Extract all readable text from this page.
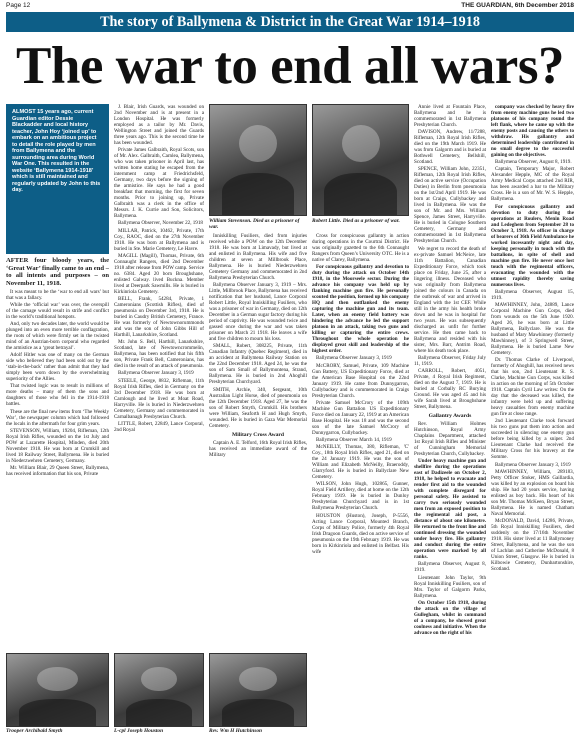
Page 12	THE GUARDIAN, 6th December 2018
The story of Ballymena & District in the Great War 1914–1918
The war to end all wars?
ALMOST 15 years ago, current Guardian editor Dessie Blackadder and local history teacher, John Hoy ‘joined up’ to embark on an ambitious project to detail the role played by men from Ballymena and the surrounding area during World War One. This resulted in the website ‘Ballymena 1914-1918’ which is still maintained and regularly updated by John to this day.

AFTER four bloody years, the ‘Great War’ finally came to an end – to all intents and purposes – on November 11, 1918.

It was meant to be the ‘war to end all wars’ but that was a fallacy.

While the ‘official war’ was over, the overspill of the carnage would result in strife and conflict in the world’s traditional hotspots.

And, only two decades later, the world would be plunged into an even more terrible conflagration, the roots of which were firmly set in the twisted mind of an Austrian-born corporal who regarded the armistice as a ‘great betrayal’.

Adolf Hitler was one of many on the German side who believed they had been sold out by the ‘stab-in-the-back’ rather than admit that they had simply been worn down by the overwhelming superiority of the Allies.

That twisted logic was to result in millions of more deaths – many of them the sons and daughters of those who fell in the 1914-1918 battles.

These are the final new items from ‘The Weekly War’, the newspaper column which had followed the locals in the aftermath for four grim years.

STEVENSON, William, 19204, Rifleman, 12th Royal Irish Rifles, wounded on the 1st July and POW at Lazarette Hospital, Minden, died 20th November 1918. He was born at Crumkill and lived 18 Railway Street, Ballymena. He is buried in Niederzwehren Cemetery, Germany.

Mr. William Blair, 29 Queen Street, Ballymena, has received information that his son, Private

Trooper Archibald Smyth

J. Blair, Irish Guards, was wounded on 2nd November and is at present in a London Hospital. He was formerly employed as a tailor by Mr. Davis, Wellington Street and joined the Guards three years ago. This is the second time he has been wounded.

Private James Galbraith, Royal Scots, son of Mr. Alex. Galbraith, Carnlea, Ballymena, who was taken prisoner in April last, has written home stating he escaped from the internment camp at Friedrichsfeld, Germany, two days before the signing of the armistice. He says he had a good breakfast that morning, the first for seven months. Prior to joining up, Private Galbraith was a clerk in the office of Messrs. J. K. Currie and Son, Solicitors, Ballymena.

Ballymena Observer, November 22, 1918

MILLAR, Patrick, 10462, Private, 17th Coy., RAOC, died on the 27th November 1918. He was born at Ballymena and is buried in Ste. Marie Cemetery, Le Havre.

MAGILL (Magill), Thomas, Private, 6th Connaught Rangers, died 2nd December 1918 after release from POW camp. Service no. 6384. Aged 20 born Broughshane, enlisted Galway. lived Buckna. Member lived at Deerpark Sawmills. He is buried in Kirkinriola Cemetery.

BELL, Frank, 54284, Private, 1 Cameronians (Scottish Rifles), died of pneumonia on December 3rd, 1918. He is buried in Caudry British Cemetery, France. He was formerly of Newtownorummonds and was the son of John Gibbs Hill of Harthill, Lanarkshire, Scotland.

Mr. John S. Bell, Harthill, Lanarkshire, Scotland, late of Newtowncrommelin, Ballymena, has been notified that his fifth son, Private Frank Bell, Cameronians, has died in the result of an attack of pneumonia.

Ballymena Observer January 3, 1919

STEELE, George, 8832, Rifleman, 11th Royal Irish Rifles, died in Germany on the 3rd December 1918. He was born at Carnlough and he lived at Moat Road, Harryville. He is buried in Niederzwehren Cemetery, Germany and commemorated in Carnalbanagh Presbyterian Church.

LITTLE, Robert, 22849, Lance Corporal, 2nd Royal

L-cpl Joseph Houston
William Stevenson. Died as a prisoner of war.
Robert Little. Died as a prisoner of war.

Inniskilling Fusiliers, died from injuries received while a POW on the 12th December 1918. He was born at Limavady, but lived at and enlisted in Ballymena. His wife and five children at seven at Millbrook Place, Ballymena. He is buried Niederzwehren Cemetery Germany and commemorated in 2nd Ballymena Presbyterian Church.

Ballymena Observer January 3, 1919 – Mrs. Little, Millbrook Place, Ballymena has received notification that her husband, Lance Corporal Robert Little, Royal Inniskilling Fusiliers, who was a prisoner of war in Germany, died on 12th December in a German sugar factory during his period of captivity. He was wounded twice and gassed once during the war and was taken prisoner on March 21 1918. He leaves a wife and five children to mourn his loss.

SMALL, Robert, 308225, Private, 11th Canadian Infantry (Quebec Regiment), died in an accident at Ballymena Railway Station on the 22nd December 1918. Aged 24, he was the son of Sam Small of Ballymontena, Strand, Ballymena. He is buried in 2nd Ahoghill Presbyterian Churchyard.

SMITH, Archie, 340, Sergeant, 10th Australian Light Horse, died of pneumonia on the 12th December 1918. Aged 27, he was the son of Robert Smyth, Cromkill. His brothers were William, Seaforth H and Hugh Smyth, wounded. He is buried in Gaza War Memorial Cemetery.

Military Cross Award

Captain A. E. Telford, 16th Royal Irish Rifles, has received an immediate award of the Military

Rev. Wm H Hutchinson

Cross for conspicuous gallantry in action during operations in the Courtrai District. He was originally gazetted to the 6th Connaught Rangers from Queen’s University OTC. He is a native of Clarey, Ballymena.

For conspicuous gallantry and devotion to duty during the attack on October 14th 1918, in the Moorseele sector. During the advance his company was held up by flanking machine gun fire. He personally scouted the position, formed up his company HQ and then outflanked the enemy capturing the machine gun and its team. Later, when an enemy field battery was hindering the advance he led the support platoon in an attack, taking two guns and killing or capturing the entire crews. Throughout the whole operation he displayed great skill and leadership of the highest order.

Ballymena Observer January 3, 1919

McCRORY, Samuel, Private, 109 Machine Gun Battery, US Expeditionary Force, died at the American Base Hospital on the 22nd January 1919. He came from Dunnygarron, Cullybackey and is commemorated in Craigs Presbyterian Church.

Private Samuel McCrory of the 109th Machine Gun Battalion US Expeditionary Force died on January 22, 1919 at an American Base Hospital. He was 18 and was the second son of the late Samuel McCrory of Dunnygarron, Cullybackey.

Ballymena Observer March 14, 1919

McNEILLY, Thomas, 380, Rifleman, 'C' Coy., 18th Royal Irish Rifles, aged 21, died on the 24 January 1919. He was the son of William and Elizabeth McNeilly, Braeroddy, Glarryford. He is buried in Ballyclare New Cemetery.

WILSON, John Hugh, 102865, Gunner, Royal Field Artillery, died at home on the 12th February 1919. He is buried in Dunloy Presbyterian Churchyard and is in 1st Ballymena Presbyterian Church.

HOUSTON (Huston), Joseph, P-5556, Acting Lance Corporal, Mounted Branch, Corps of Military Police, formerly 4th Royal Irish Dragoon Guards, died on active service of pneumonia on the 19th February 1919. He was born in Kirkinriola and enlisted in Belfast. His wife

Annie lived at Fountain Place, Ballymena and he is commemorated in 1st Ballymena Presbyterian Church.

DAVISON, Andrew, 11/7288, Rifleman, 12th Royal Irish Rifles, died on the 19th March 1919. He was from Galgorm and is buried at Bothwell Cemetery, Bellshill, Scotland.

SPENCE, William John, 22351, Rifleman, 12th Royal Irish Rifles, died on active service (Occupation Duties) in Berlin from pneumonia on the 1st/2nd April 1919. He was born at Craigs, Cullybackey and lived in Ballymena. He was the son of Mr. and Mrs. William Spence, James Street, Harryville. He is buried in Cologne Southern Cemetery, Germany and commemorated in 1st Ballymena Presbyterian Church.

We regret to record the death of ex-private Samuel McNeice, late 11th Battalion, Canadian Expeditionary Force, which took place on Friday, June 25, after a lingering illness. Deceased who was originally from Ballymena joined the colours in Canada on the outbreak of war and arrived in England with the 1st CEF. While still in the army his health broke down and he was in hospital for two years. He was subsequently discharged as unfit for further service. He then came back to Ballymena and resided with his sister, Mrs. Barr, Antrim Road, where his death took place.

Ballymena Observer, Friday July 11, 1919.

CARROLL, Robert, 4051, Private, 4 Royal Irish Regiment, died on the August 7, 1919. He is buried at Corbally RC Burying Ground. He was aged 45 and his wife Sarah lived at Broughshane Street, Ballymena.

Gallantry Awards

Rev. William Holmes Hutchinson, Royal Army Chaplains Department, attached 1st Royal Irish Rifles and Minister of Cunningham Memorial Presbyterian Church, Cullybackey.

Under heavy machine gun and shellfire during the operations east of Dadizeele on October 2, 1918, he helped to evacuate and render first aid to the wounded with complete disregard for personal safety. He assisted to carry two seriously wounded men from an exposed position to the regimental aid post, a distance of about one kilometre. He returned to the front line and continued dressing the wounded under heavy fire. His gallantry and conduct during the entire operation were marked by all ranks.

Ballymena Observer, August 8, 1919.

Lieutenant John Taylor, 9th Royal Inniskilling Fusiliers, son of Mrs. Taylor of Galgorm Parks, Ballymena.

On October 15th 1918, during the attack on the village of Gullegham, whilst in command of a company, he showed great coolness and initiative. When the advance on the right of his

company was checked by heavy fire from enemy machine guns he led two platoons of his company round the left flank, where he came up with the enemy posts and causing the others to withdraw. His gallantry and determined leadership contributed in no small degree to the successful gaining on the objectives.

Ballymena Observer, August 8, 1919.

Captain, Temporary Major, Robert Alexander Hepple, MC of the Royal Army Medical Corps attached 2nd RIR, has been awarded a bar to the Military Cross. He is a son of Mr. W. S. Hepple, Ballymena.

For conspicuous gallantry and devotion to duty during the operations at Roulers, Menin Road and Ledeghem from September 28 to October 3, 1918. As officer in charge of bearers of 36th Field Ambulance he worked incessantly night and day, keeping personally in touch with the battalions, in spite of shell and machine gun fire. He never once lost touch with the regimental officers, evacuating the wounded with the utmost rapidity thereby saving numerous lives.

Ballymena Observer, August 15, 1919.

MAWHINNEY, John, 24889, Lance Corporal Machine Gun Corps, died from wounds on the 5th June 1920. Aged 26, he was born at Little Ballymena, Ballyclare. He was the husband of Mary Mawhinney (formerly Mawhinney), of 3 Springwell Street, Ballymena. He is buried Larne New Cemetery.

Dr. Thomas Clarke of Liverpool, formerly of Ahoghill, has received news that his son, 2nd Lieutenant R. S. Clarke, Machine Gun Corps, was killed in action on the morning of 5th October 1918. Captain Cyril Law writes: On the day that the deceased was killed, the infantry were held up and suffering heavy casualties from enemy machine gun fire at close range.

2nd Lieutenant Clarke took forward his two guns put them into action and succeeded in silencing one enemy gun before being killed by a sniper. 2nd Lieutenant Clarke had received the Military Cross for his bravery at the Somme.

Ballymena Observer January 3, 1919

MAWHINNEY, William, 289183, Petty Officer Stoker, HMS Gaillardia, was killed by an explosion on board his ship. He had 20 years service, having enlisted as boy back. His heart of his son Mr. Thomas McKeen, Bryan Street, Ballymena. He is named Chatham Naval Memorial.

McDONALD, David, 14286, Private, 5th Royal Inniskilling Fusiliers, died suddenly on the 17/16th November 1918. His sister lived at 11 Ballymoney Street, Ballymena, and he was the son of Lachlan and Catherine McDonald, 8 Union Street, Glasgow. He is buried in Kilbowie Cemetery, Dunbartonshire, Scotland.
